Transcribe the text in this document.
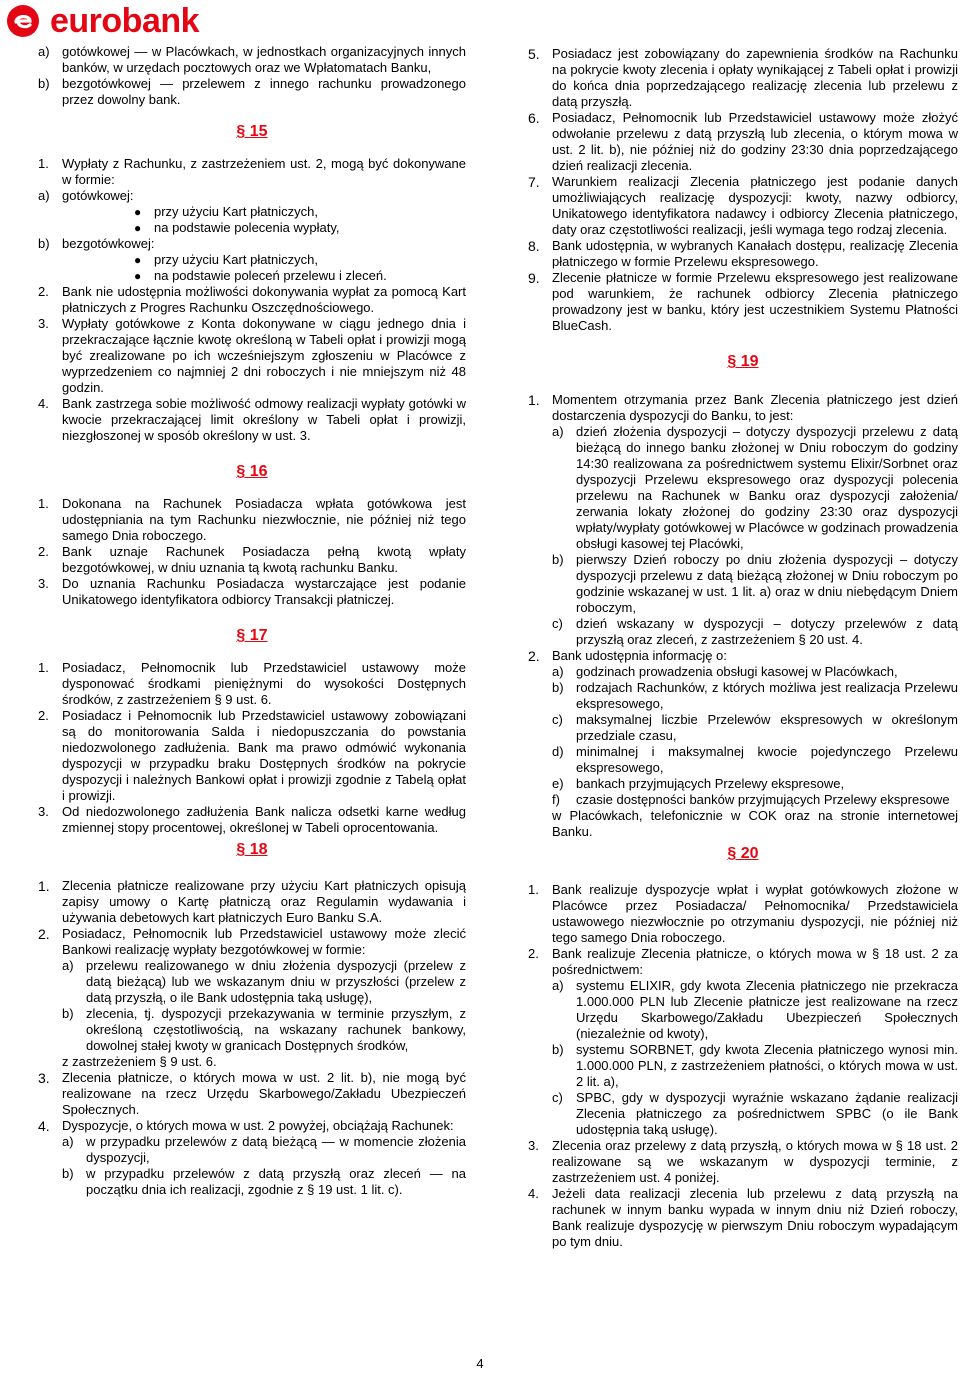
eurobank
a) gotówkowej — w Placówkach, w jednostkach organizacyjnych innych banków, w urzędach pocztowych oraz we Wpłatomatach Banku,
b) bezgotówkowej — przelewem z innego rachunku prowadzonego przez dowolny bank.
§ 15
1.	Wypłaty z Rachunku, z zastrzeżeniem ust. 2, mogą być dokonywane w formie:
a) gotówkowej:
● przy użyciu Kart płatniczych,
● na podstawie polecenia wypłaty,
b) bezgotówkowej:
● przy użyciu Kart płatniczych,
● na podstawie poleceń przelewu i zleceń.
2.	Bank nie udostępnia możliwości dokonywania wypłat za pomocą Kart płatniczych z Progres Rachunku Oszczędnościowego.
3.	Wypłaty gotówkowe z Konta dokonywane w ciągu jednego dnia i przekraczające łącznie kwotę określoną w Tabeli opłat i prowizji mogą być zrealizowane po ich wcześniejszym zgłoszeniu w Placówce z wyprzedzeniem co najmniej 2 dni roboczych i nie mniejszym niż 48 godzin.
4.	Bank zastrzega sobie możliwość odmowy realizacji wypłaty gotówki w kwocie przekraczającej limit określony w Tabeli opłat i prowizji, niezgłoszonej w sposób określony w ust. 3.
§ 16
1.	Dokonana na Rachunek Posiadacza wpłata gotówkowa jest udostępniania na tym Rachunku niezwłocznie, nie później niż tego samego Dnia roboczego.
2.	Bank uznaje Rachunek Posiadacza pełną kwotą wpłaty bezgotówkowej, w dniu uznania tą kwotą rachunku Banku.
3.	Do uznania Rachunku Posiadacza wystarczające jest podanie Unikatowego identyfikatora odbiorcy Transakcji płatniczej.
§ 17
1.	Posiadacz, Pełnomocnik lub Przedstawiciel ustawowy może dysponować środkami pieniężnymi do wysokości Dostępnych środków, z zastrzeżeniem § 9 ust. 6.
2.	Posiadacz i Pełnomocnik lub Przedstawiciel ustawowy zobowiązani są do monitorowania Salda i niedopuszczania do powstania niedozwolonego zadłużenia. Bank ma prawo odmówić wykonania dyspozycji w przypadku braku Dostępnych środków na pokrycie dyspozycji i należnych Bankowi opłat i prowizji zgodnie z Tabelą opłat i prowizji.
3.	Od niedozwolonego zadłużenia Bank nalicza odsetki karne według zmiennej stopy procentowej, określonej w Tabeli oprocentowania.
§ 18
1. Zlecenia płatnicze realizowane przy użyciu Kart płatniczych opisują zapisy umowy o Kartę płatniczą oraz Regulamin wydawania i używania debetowych kart płatniczych Euro Banku S.A.
2. Posiadacz, Pełnomocnik lub Przedstawiciel ustawowy może zlecić Bankowi realizację wypłaty bezgotówkowej w formie:
a) przelewu realizowanego w dniu złożenia dyspozycji (przelew z datą bieżącą) lub we wskazanym dniu w przyszłości (przelew z datą przyszłą, o ile Bank udostępnia taką usługę),
b) zlecenia, tj. dyspozycji przekazywania w terminie przyszłym, z określoną częstotliwością, na wskazany rachunek bankowy, dowolnej stałej kwoty w granicach Dostępnych środków,
z zastrzeżeniem § 9 ust. 6.
3. Zlecenia płatnicze, o których mowa w ust. 2 lit. b), nie mogą być realizowane na rzecz Urzędu Skarbowego/Zakładu Ubezpieczeń Społecznych.
4. Dyspozycje, o których mowa w ust. 2 powyżej, obciążają Rachunek:
a) w przypadku przelewów z datą bieżącą — w momencie złożenia dyspozycji,
b) w przypadku przelewów z datą przyszłą oraz zleceń — na początku dnia ich realizacji, zgodnie z § 19 ust. 1 lit. c).
5. Posiadacz jest zobowiązany do zapewnienia środków na Rachunku na pokrycie kwoty zlecenia i opłaty wynikającej z Tabeli opłat i prowizji do końca dnia poprzedzającego realizację zlecenia lub przelewu z datą przyszłą.
6. Posiadacz, Pełnomocnik lub Przedstawiciel ustawowy może złożyć odwołanie przelewu z datą przyszłą lub zlecenia, o którym mowa w ust. 2 lit. b), nie później niż do godziny 23:30 dnia poprzedzającego dzień realizacji zlecenia.
7. Warunkiem realizacji Zlecenia płatniczego jest podanie danych umożliwiających realizację dyspozycji: kwoty, nazwy odbiorcy, Unikatowego identyfikatora nadawcy i odbiorcy Zlecenia płatniczego, daty oraz częstotliwości realizacji, jeśli wymaga tego rodzaj zlecenia.
8. Bank udostępnia, w wybranych Kanałach dostępu, realizację Zlecenia płatniczego w formie Przelewu ekspresowego.
9. Zlecenie płatnicze w formie Przelewu ekspresowego jest realizowane pod warunkiem, że rachunek odbiorcy Zlecenia płatniczego prowadzony jest w banku, który jest uczestnikiem Systemu Płatności BlueCash.
§ 19
1. Momentem otrzymania przez Bank Zlecenia płatniczego jest dzień dostarczenia dyspozycji do Banku, to jest:
a) dzień złożenia dyspozycji – dotyczy dyspozycji przelewu z datą bieżącą do innego banku złożonej w Dniu roboczym do godziny 14:30 realizowana za pośrednictwem systemu Elixir/Sorbnet oraz dyspozycji Przelewu ekspresowego oraz dyspozycji polecenia przelewu na Rachunek w Banku oraz dyspozycji założenia/ zerwania lokaty złożonej do godziny 23:30 oraz dyspozycji wpłaty/wypłaty gotówkowej w Placówce w godzinach prowadzenia obsługi kasowej tej Placówki,
b) pierwszy Dzień roboczy po dniu złożenia dyspozycji – dotyczy dyspozycji przelewu z datą bieżącą złożonej w Dniu roboczym po godzinie wskazanej w ust. 1 lit. a) oraz w dniu niebędącym Dniem roboczym,
c)	dzień wskazany w dyspozycji – dotyczy przelewów z datą przyszłą oraz zleceń, z zastrzeżeniem § 20 ust. 4.
2. Bank udostępnia informację o:
a) godzinach prowadzenia obsługi kasowej w Placówkach,
b) rodzajach Rachunków, z których możliwa jest realizacja Przelewu ekspresowego,
c)	maksymalnej liczbie Przelewów ekspresowych w określonym przedziale czasu,
d) minimalnej i maksymalnej kwocie pojedynczego Przelewu ekspresowego,
e) bankach przyjmujących Przelewy ekspresowe,
f)	czasie dostępności banków przyjmujących Przelewy ekspresowe
w Placówkach, telefonicznie w COK oraz na stronie internetowej Banku.
§ 20
1.	Bank realizuje dyspozycje wpłat i wypłat gotówkowych złożone w Placówce przez Posiadacza/ Pełnomocnika/ Przedstawiciela ustawowego niezwłocznie po otrzymaniu dyspozycji, nie później niż tego samego Dnia roboczego.
2.	Bank realizuje Zlecenia płatnicze, o których mowa w § 18 ust. 2 za pośrednictwem:
a) systemu ELIXIR, gdy kwota Zlecenia płatniczego nie przekracza 1.000.000 PLN lub Zlecenie płatnicze jest realizowane na rzecz Urzędu Skarbowego/Zakładu Ubezpieczeń Społecznych (niezależnie od kwoty),
b) systemu SORBNET, gdy kwota Zlecenia płatniczego wynosi min. 1.000.000 PLN, z zastrzeżeniem płatności, o których mowa w ust. 2 lit. a),
c)	SPBC, gdy w dyspozycji wyraźnie wskazano żądanie realizacji Zlecenia płatniczego za pośrednictwem SPBC (o ile Bank udostępnia taką usługę).
3.	Zlecenia oraz przelewy z datą przyszłą, o których mowa w § 18 ust. 2 realizowane są we wskazanym w dyspozycji terminie, z zastrzeżeniem ust. 4 poniżej.
4.	Jeżeli data realizacji zlecenia lub przelewu z datą przyszłą na rachunek w innym banku wypada w innym dniu niż Dzień roboczy, Bank realizuje dyspozycję w pierwszym Dniu roboczym wypadającym po tym dniu.
4
